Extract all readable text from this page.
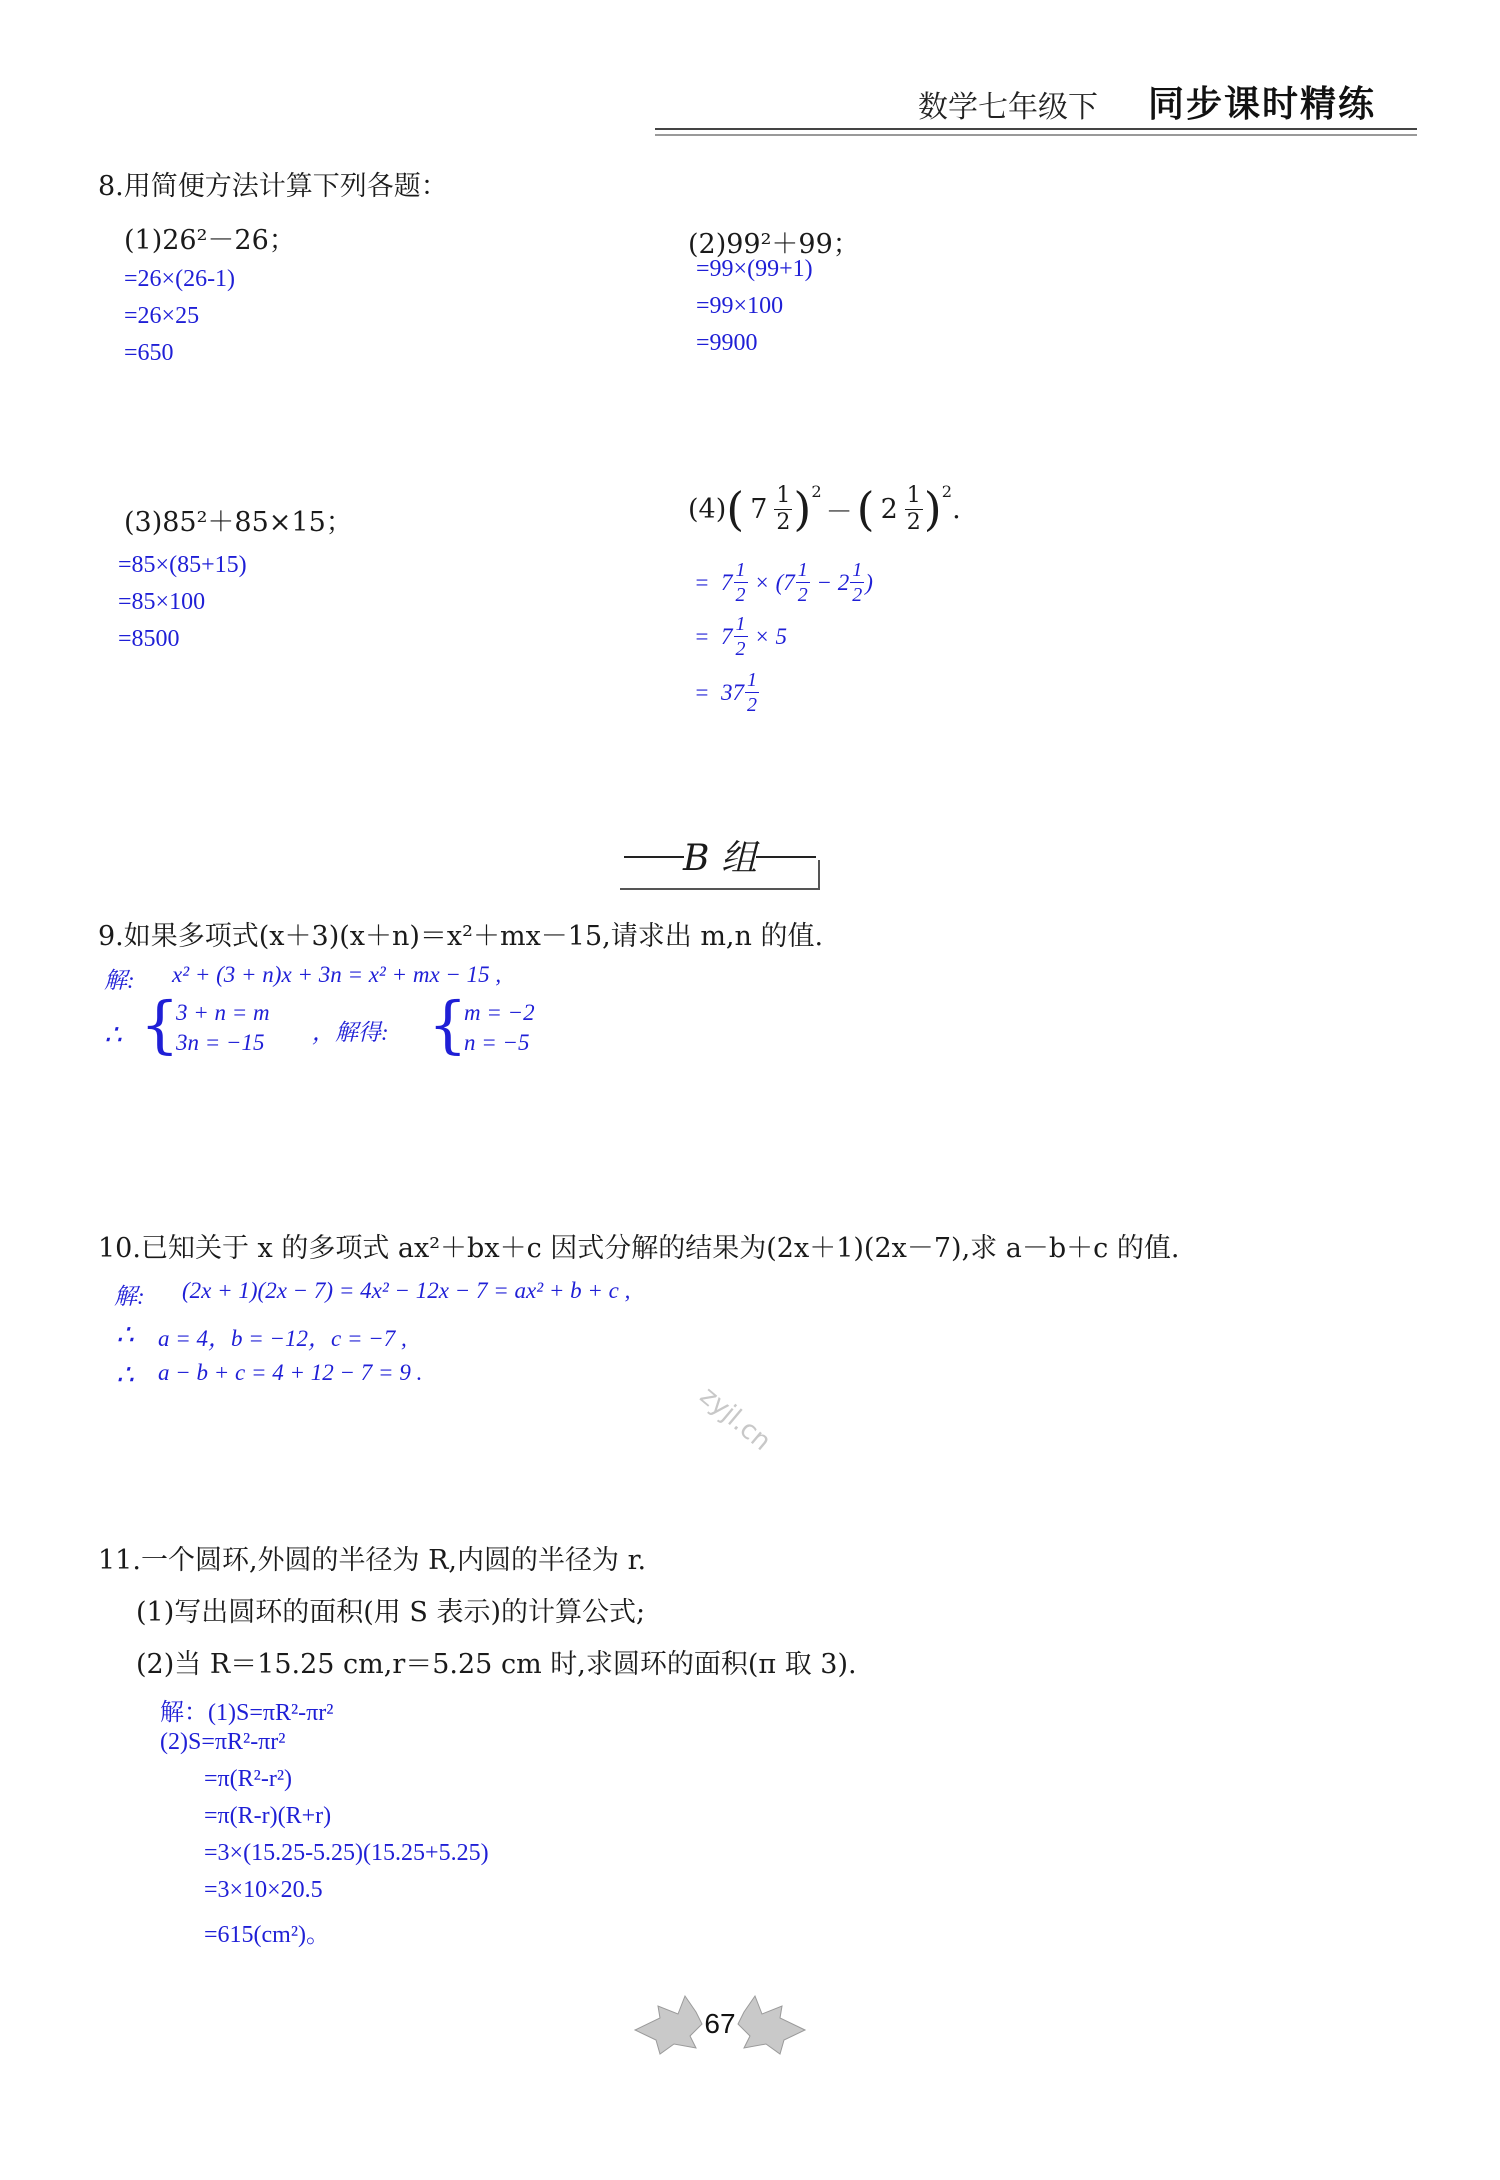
数学七年级下 同步课时精练
8.用简便方法计算下列各题：
(1)26²－26；
=26×(26-1)
=26×25
=650
(2)99²＋99；
=99×(99+1)
=99×100
=9900
(3)85²＋85×15；
=85×(85+15)
=85×100
=8500
(4) ( $7 \frac{1}{2} )^2$
－ ( $2 \frac{1}{2} )^2$
.
=
$7 \frac{1}{2}$
×
( $7 \frac{1}{2}$
−
$2 \frac{1}{2}$ )
=
$7 \frac{1}{2}$
× 5
=
$37 \frac{1}{2}$
B 组
9.如果多项式(x＋3)(x＋n)＝x²＋mx－15,请求出 m,n 的值.
解: x² + (3 + n)x + 3n = x² + mx − 15 ,
∴ {
3 + n = m
3n = −15 ，解得: {
m = −2
n = −5
10.已知关于 x 的多项式 ax²＋bx＋c 因式分解的结果为(2x＋1)(2x－7),求 a－b＋c 的值.
解: (2x + 1)(2x − 7) = 4x² − 12x − 7 = ax² + b + c ,
∴ a = 4，b = −12，c = −7 ,
∴ a − b + c = 4 + 12 − 7 = 9 .
zyjl.cn
11.一个圆环,外圆的半径为 R,内圆的半径为 r.
(1)写出圆环的面积(用 S 表示)的计算公式;
(2)当 R＝15.25 cm,r＝5.25 cm 时,求圆环的面积(π 取 3).
解：(1)S=πR²-πr²
(2)S=πR²-πr²
=π(R²-r²)
=π(R-r)(R+r)
=3×(15.25-5.25)(15.25+5.25)
=3×10×20.5
=615(cm²)。
67
